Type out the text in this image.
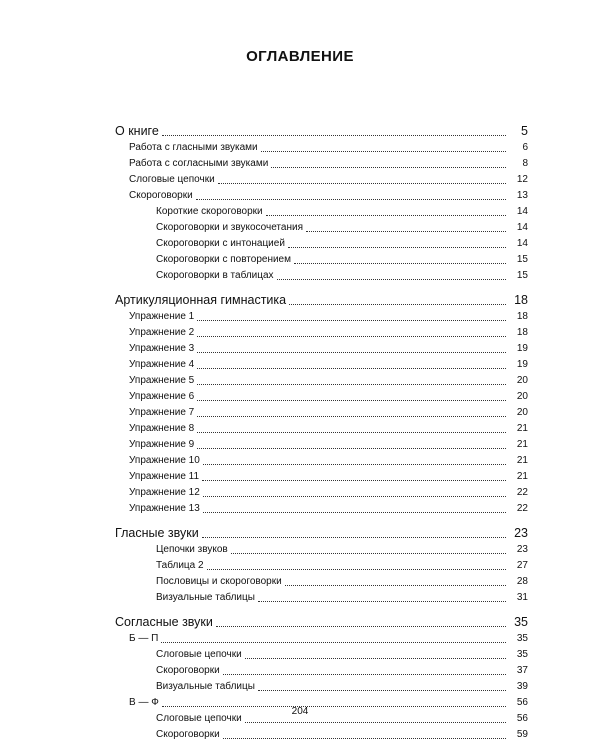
ОГЛАВЛЕНИЕ
О книге	5
Работа с гласными звуками	6
Работа с согласными звуками	8
Слоговые цепочки	12
Скороговорки	13
Короткие скороговорки	14
Скороговорки и звукосочетания	14
Скороговорки с интонацией	14
Скороговорки с повторением	15
Скороговорки в таблицах	15
Артикуляционная гимнастика	18
Упражнение 1	18
Упражнение 2	18
Упражнение 3	19
Упражнение 4	19
Упражнение 5	20
Упражнение 6	20
Упражнение 7	20
Упражнение 8	21
Упражнение 9	21
Упражнение 10	21
Упражнение 11	21
Упражнение 12	22
Упражнение 13	22
Гласные звуки	23
Цепочки звуков	23
Таблица 2	27
Пословицы и скороговорки	28
Визуальные таблицы	31
Согласные звуки	35
Б — П	35
Слоговые цепочки	35
Скороговорки	37
Визуальные таблицы	39
В — Ф	56
Слоговые цепочки	56
Скороговорки	59
204
